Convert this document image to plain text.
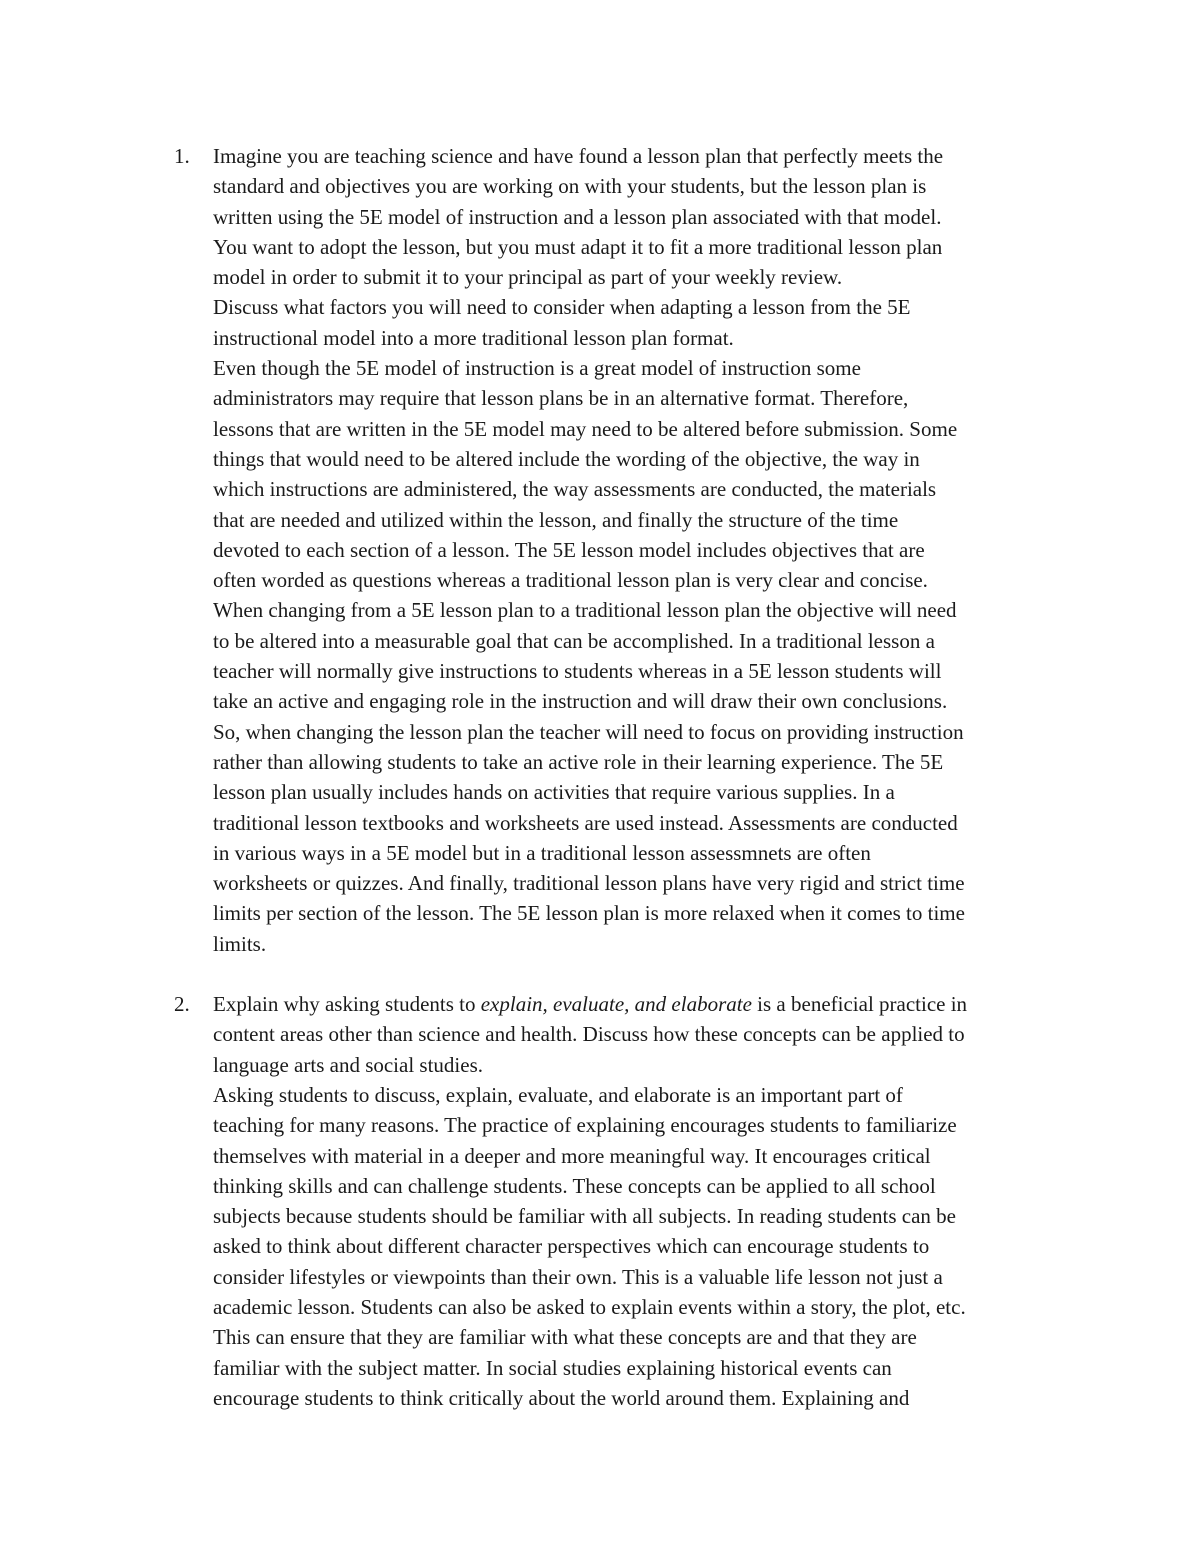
1. Imagine you are teaching science and have found a lesson plan that perfectly meets the
standard and objectives you are working on with your students, but the lesson plan is
written using the 5E model of instruction and a lesson plan associated with that model.
You want to adopt the lesson, but you must adapt it to fit a more traditional lesson plan
model in order to submit it to your principal as part of your weekly review.
Discuss what factors you will need to consider when adapting a lesson from the 5E
instructional model into a more traditional lesson plan format.
Even though the 5E model of instruction is a great model of instruction some
administrators may require that lesson plans be in an alternative format. Therefore,
lessons that are written in the 5E model may need to be altered before submission. Some
things that would need to be altered include the wording of the objective, the way in
which instructions are administered, the way assessments are conducted, the materials
that are needed and utilized within the lesson, and finally the structure of the time
devoted to each section of a lesson. The 5E lesson model includes objectives that are
often worded as questions whereas a traditional lesson plan is very clear and concise.
When changing from a 5E lesson plan to a traditional lesson plan the objective will need
to be altered into a measurable goal that can be accomplished. In a traditional lesson a
teacher will normally give instructions to students whereas in a 5E lesson students will
take an active and engaging role in the instruction and will draw their own conclusions.
So, when changing the lesson plan the teacher will need to focus on providing instruction
rather than allowing students to take an active role in their learning experience. The 5E
lesson plan usually includes hands on activities that require various supplies. In a
traditional lesson textbooks and worksheets are used instead. Assessments are conducted
in various ways in a 5E model but in a traditional lesson assessmnets are often
worksheets or quizzes. And finally, traditional lesson plans have very rigid and strict time
limits per section of the lesson. The 5E lesson plan is more relaxed when it comes to time
limits.
2. Explain why asking students to explain, evaluate, and elaborate is a beneficial practice in
content areas other than science and health. Discuss how these concepts can be applied to
language arts and social studies.
Asking students to discuss, explain, evaluate, and elaborate is an important part of
teaching for many reasons. The practice of explaining encourages students to familiarize
themselves with material in a deeper and more meaningful way. It encourages critical
thinking skills and can challenge students. These concepts can be applied to all school
subjects because students should be familiar with all subjects. In reading students can be
asked to think about different character perspectives which can encourage students to
consider lifestyles or viewpoints than their own. This is a valuable life lesson not just a
academic lesson. Students can also be asked to explain events within a story, the plot, etc.
This can ensure that they are familiar with what these concepts are and that they are
familiar with the subject matter. In social studies explaining historical events can
encourage students to think critically about the world around them. Explaining and
